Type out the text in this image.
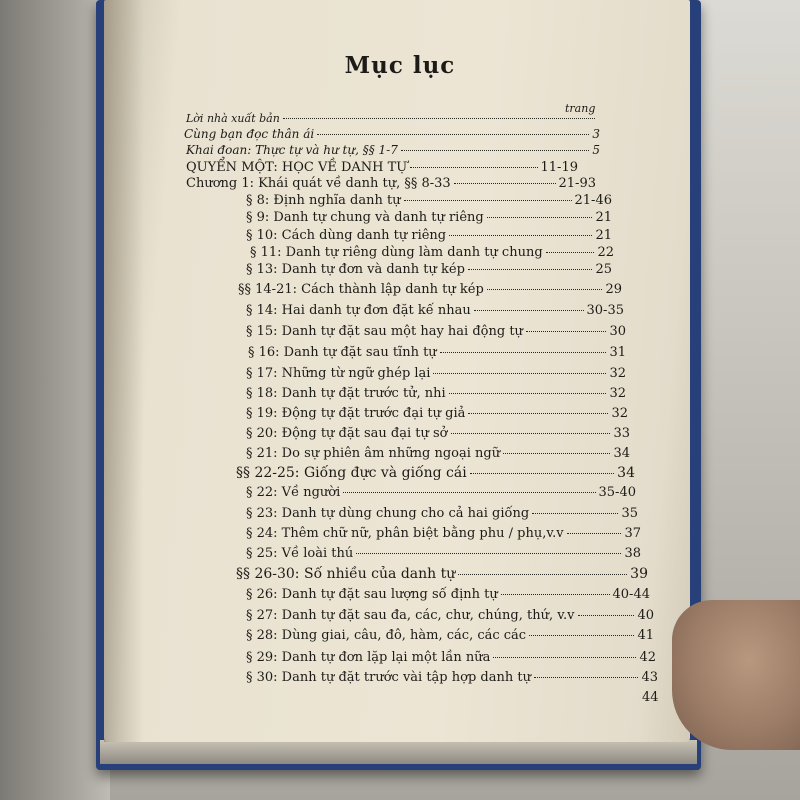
Mục lục
trang
Lời nhà xuất bản
Cùng bạn đọc thân ái	3
Khai đoan: Thực tự và hư tự, §§ 1-7	5
QUYỂN MỘT: HỌC VỀ DANH TỰ	11-19
Chương 1: Khái quát về danh tự, §§ 8-33	21-93
§ 8: Định nghĩa danh tự	21-46
§ 9: Danh tự chung và danh tự riêng	21
§ 10: Cách dùng danh tự riêng	21
§ 11: Danh tự riêng dùng làm danh tự chung	22
§ 13: Danh tự đơn và danh tự kép	25
§§ 14-21: Cách thành lập danh tự kép	29
§ 14: Hai danh tự đơn đặt kế nhau	30-35
§ 15: Danh tự đặt sau một hay hai động tự	30
§ 16: Danh tự đặt sau tĩnh tự	31
§ 17: Những từ ngữ ghép lại	32
§ 18: Danh tự đặt trước tử, nhi	32
§ 19: Động tự đặt trước đại tự giả	32
§ 20: Động tự đặt sau đại tự sở	33
§ 21: Do sự phiên âm những ngoại ngữ	34
§§ 22-25: Giống đực và giống cái	34
§ 22: Về người	35-40
§ 23: Danh tự dùng chung cho cả hai giống	35
§ 24: Thêm chữ nữ, phân biệt bằng phu / phụ,v.v	37
§ 25: Về loài thú	38
§§ 26-30: Số nhiều của danh tự	39
§ 26: Danh tự đặt sau lượng số định tự	40-44
§ 27: Danh tự đặt sau đa, các, chư, chúng, thứ, v.v	40
§ 28: Dùng giai, câu, đô, hàm, các, các các	41
§ 29: Danh tự đơn lặp lại một lần nữa	42
§ 30: Danh tự đặt trước vài tập hợp danh tự	43
44
